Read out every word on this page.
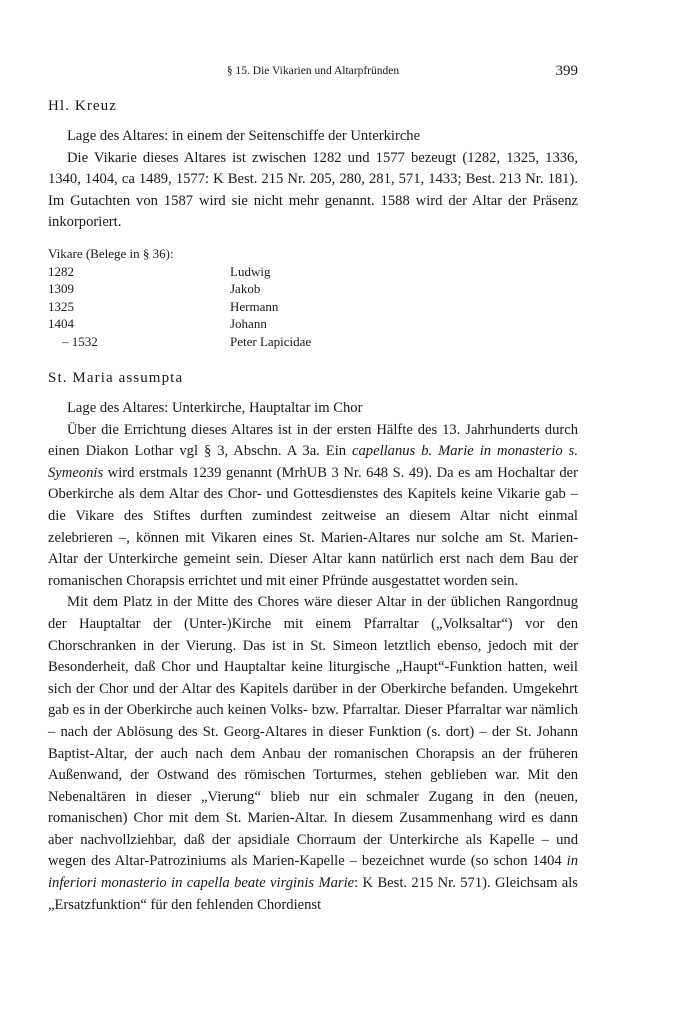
§ 15. Die Vikarien und Altarpfründen	399
Hl. Kreuz

Lage des Altares: in einem der Seitenschiffe der Unterkirche

Die Vikarie dieses Altares ist zwischen 1282 und 1577 bezeugt (1282, 1325, 1336, 1340, 1404, ca 1489, 1577: K Best. 215 Nr. 205, 280, 281, 571, 1433; Best. 213 Nr. 181). Im Gutachten von 1587 wird sie nicht mehr genannt. 1588 wird der Altar der Präsenz inkorporiert.

Vikare (Belege in § 36):
1282	Ludwig
1309	Jakob
1325	Hermann
1404	Johann
– 1532	Peter Lapicidae
St. Maria assumpta

Lage des Altares: Unterkirche, Hauptaltar im Chor

Über die Errichtung dieses Altares ist in der ersten Hälfte des 13. Jahrhunderts durch einen Diakon Lothar vgl § 3, Abschn. A 3a. Ein capellanus b. Marie in monasterio s. Symeonis wird erstmals 1239 genannt (MrhUB 3 Nr. 648 S. 49). Da es am Hochaltar der Oberkirche als dem Altar des Chor- und Gottesdienstes des Kapitels keine Vikarie gab – die Vikare des Stiftes durften zumindest zeitweise an diesem Altar nicht einmal zelebrieren –, können mit Vikaren eines St. Marien-Altares nur solche am St. Marien-Altar der Unterkirche gemeint sein. Dieser Altar kann natürlich erst nach dem Bau der romanischen Chorapsis errichtet und mit einer Pfründe ausgestattet worden sein.

Mit dem Platz in der Mitte des Chores wäre dieser Altar in der üblichen Rangordnug der Hauptaltar der (Unter-)Kirche mit einem Pfarraltar („Volksaltar“) vor den Chorschranken in der Vierung. Das ist in St. Simeon letztlich ebenso, jedoch mit der Besonderheit, daß Chor und Hauptaltar keine liturgische „Haupt“-Funktion hatten, weil sich der Chor und der Altar des Kapitels darüber in der Oberkirche befanden. Umgekehrt gab es in der Oberkirche auch keinen Volks- bzw. Pfarraltar. Dieser Pfarraltar war nämlich – nach der Ablösung des St. Georg-Altares in dieser Funktion (s. dort) – der St. Johann Baptist-Altar, der auch nach dem Anbau der romanischen Chorapsis an der früheren Außenwand, der Ostwand des römischen Torturmes, stehen geblieben war. Mit den Nebenaltären in dieser „Vierung“ blieb nur ein schmaler Zugang in den (neuen, romanischen) Chor mit dem St. Marien-Altar. In diesem Zusammenhang wird es dann aber nachvollziehbar, daß der apsidiale Chorraum der Unterkirche als Kapelle – und wegen des Altar-Patroziniums als Marien-Kapelle – bezeichnet wurde (so schon 1404 in inferiori monasterio in capella beate virginis Marie: K Best. 215 Nr. 571). Gleichsam als „Ersatzfunktion“ für den fehlenden Chordienst
